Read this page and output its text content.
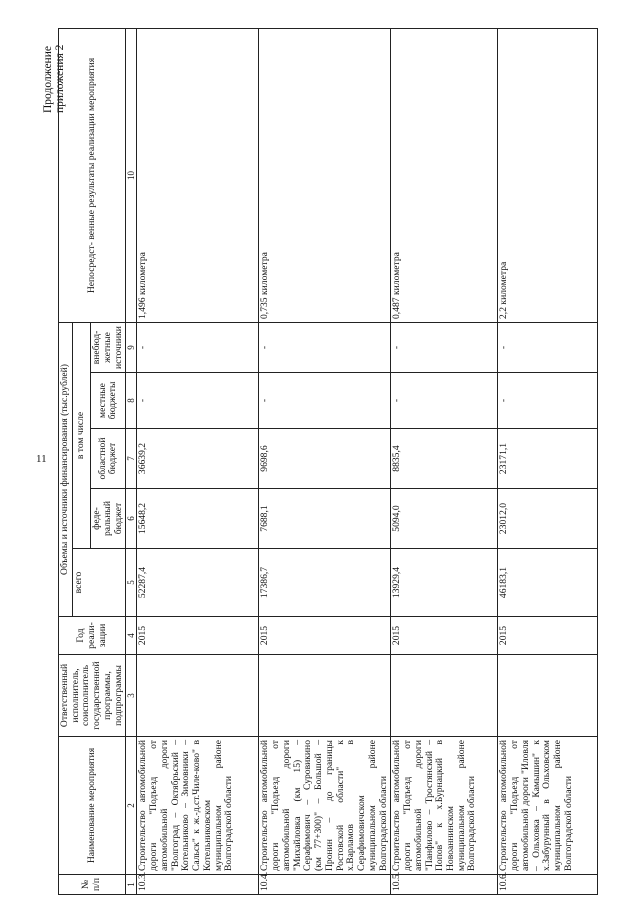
11
Продолжение приложения 2
№ п/п	Наименование мероприятия	Ответственный исполнитель, соисполнитель государственной программы, подпрограммы	Год реали- зации	Объемы и источники финансирования (тыс.рублей)					Непосредст- венные результаты реализации мероприятия
				всего	в том числе				
					феде- ральный бюджет	областной бюджет	местные бюджеты	внебюд- жетные источники	
1	2	3	4	5	6	7	8	9	10
10.3.	Строительство автомобильной дороги "Подъезд от автомобильной дороги "Волгоград – Октябрьский – Котельниково – Зимовники – Сальск" к ж.-д.ст.Чиле-ково" в Котельниковском муниципальном районе Волгоградской области		2015	52287,4	15648,2	36639,2	-	-	1,496 километра
10.4.	Строительство автомобильной дороги "Подъезд от автомобильной дороги "Михайловка (км 15) – Серафимович – Суровикино (км 77+300)" – Большой – Пронин – до границы Ростовской области" к х.Варламов в Серафимовичском муниципальном районе Волгоградской области		2015	17386,7	7688,1	9698,6	-	-	0,735 километра
10.5.	Строительство автомобильной дороги "Подъезд от автомобильной дороги "Панфилово – Тростянский – Попов" к х.Бурнацкий в Новоаннинском муниципальном районе Волгоградской области		2015	13929,4	5094,0	8835,4	-	-	0,487 километра
10.6.	Строительство автомобильной дороги "Подъезд от автомобильной дороги "Иловля – Ольховка – Камышин" к х.Забурунный в Ольховском муниципальном районе Волгоградской области		2015	46183,1	23012,0	23171,1	-	-	2,2 километра
